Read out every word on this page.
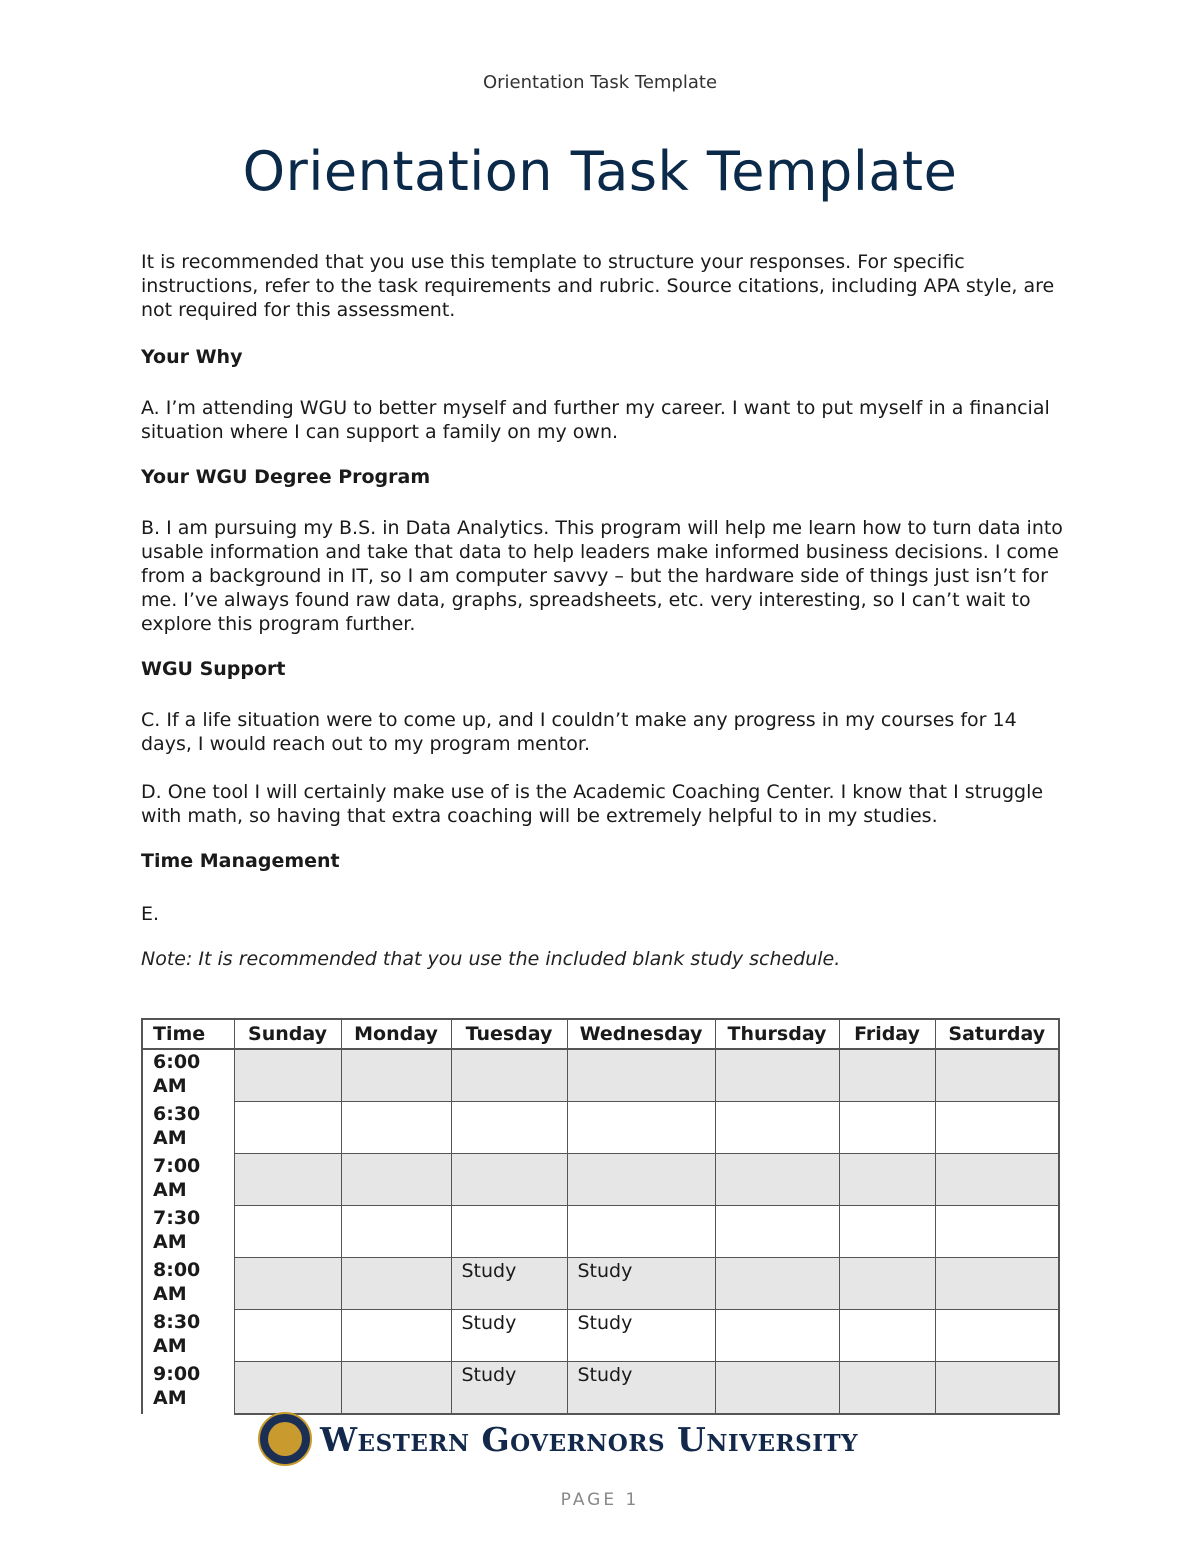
Orientation Task Template
Orientation Task Template

It is recommended that you use this template to structure your responses. For specific instructions, refer to the task requirements and rubric. Source citations, including APA style, are not required for this assessment.

Your Why

A. I’m attending WGU to better myself and further my career. I want to put myself in a financial situation where I can support a family on my own.

Your WGU Degree Program

B. I am pursuing my B.S. in Data Analytics. This program will help me learn how to turn data into usable information and take that data to help leaders make informed business decisions. I come from a background in IT, so I am computer savvy – but the hardware side of things just isn’t for me. I’ve always found raw data, graphs, spreadsheets, etc. very interesting, so I can’t wait to explore this program further.

WGU Support

C. If a life situation were to come up, and I couldn’t make any progress in my courses for 14 days, I would reach out to my program mentor.

D. One tool I will certainly make use of is the Academic Coaching Center. I know that I struggle with math, so having that extra coaching will be extremely helpful to in my studies.

Time Management

E.

Note: It is recommended that you use the included blank study schedule.

Time	Sunday	Monday	Tuesday	Wednesday	Thursday	Friday	Saturday

6:00
AM							

6:30
AM							

7:00
AM							

7:30
AM							

8:00
AM			Study	Study			

8:30
AM			Study	Study			

9:00
AM			Study	Study			
Western Governors University
PAGE 1
